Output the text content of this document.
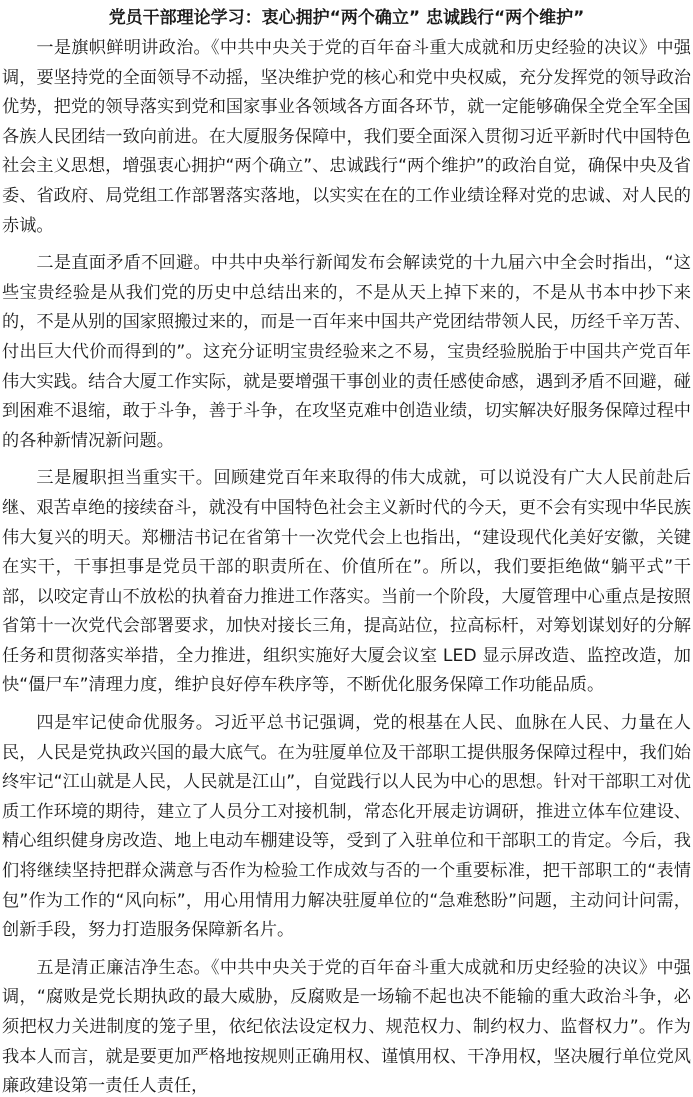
党员干部理论学习：衷心拥护“两个确立” 忠诚践行“两个维护”

一是旗帜鲜明讲政治。《中共中央关于党的百年奋斗重大成就和历史经验的决议》中强调，要坚持党的全面领导不动摇，坚决维护党的核心和党中央权威，充分发挥党的领导政治优势，把党的领导落实到党和国家事业各领域各方面各环节，就一定能够确保全党全军全国各族人民团结一致向前进。在大厦服务保障中，我们要全面深入贯彻习近平新时代中国特色社会主义思想，增强衷心拥护“两个确立”、忠诚践行“两个维护”的政治自觉，确保中央及省委、省政府、局党组工作部署落实落地，以实实在在的工作业绩诠释对党的忠诚、对人民的赤诚。

二是直面矛盾不回避。中共中央举行新闻发布会解读党的十九届六中全会时指出，“这些宝贵经验是从我们党的历史中总结出来的，不是从天上掉下来的，不是从书本中抄下来的，不是从别的国家照搬过来的，而是一百年来中国共产党团结带领人民，历经千辛万苦、付出巨大代价而得到的”。这充分证明宝贵经验来之不易，宝贵经验脱胎于中国共产党百年伟大实践。结合大厦工作实际，就是要增强干事创业的责任感使命感，遇到矛盾不回避，碰到困难不退缩，敢于斗争，善于斗争，在攻坚克难中创造业绩，切实解决好服务保障过程中的各种新情况新问题。

三是履职担当重实干。回顾建党百年来取得的伟大成就，可以说没有广大人民前赴后继、艰苦卓绝的接续奋斗，就没有中国特色社会主义新时代的今天，更不会有实现中华民族伟大复兴的明天。郑栅洁书记在省第十一次党代会上也指出，“建设现代化美好安徽，关键在实干，干事担事是党员干部的职责所在、价值所在”。所以，我们要拒绝做“躺平式”干部，以咬定青山不放松的执着奋力推进工作落实。当前一个阶段，大厦管理中心重点是按照省第十一次党代会部署要求，加快对接长三角，提高站位，拉高标杆，对筹划谋划好的分解任务和贯彻落实举措，全力推进，组织实施好大厦会议室 LED 显示屏改造、监控改造，加快“僵尸车”清理力度，维护良好停车秩序等，不断优化服务保障工作功能品质。

四是牢记使命优服务。习近平总书记强调，党的根基在人民、血脉在人民、力量在人民，人民是党执政兴国的最大底气。在为驻厦单位及干部职工提供服务保障过程中，我们始终牢记“江山就是人民，人民就是江山”，自觉践行以人民为中心的思想。针对干部职工对优质工作环境的期待，建立了人员分工对接机制，常态化开展走访调研，推进立体车位建设、精心组织健身房改造、地上电动车棚建设等，受到了入驻单位和干部职工的肯定。今后，我们将继续坚持把群众满意与否作为检验工作成效与否的一个重要标准，把干部职工的“表情包”作为工作的“风向标”，用心用情用力解决驻厦单位的“急难愁盼”问题，主动问计问需，创新手段，努力打造服务保障新名片。

五是清正廉洁净生态。《中共中央关于党的百年奋斗重大成就和历史经验的决议》中强调，“腐败是党长期执政的最大威胁，反腐败是一场输不起也决不能输的重大政治斗争，必须把权力关进制度的笼子里，依纪依法设定权力、规范权力、制约权力、监督权力”。作为我本人而言，就是要更加严格地按规则正确用权、谨慎用权、干净用权，坚决履行单位党风廉政建设第一责任人责任，
